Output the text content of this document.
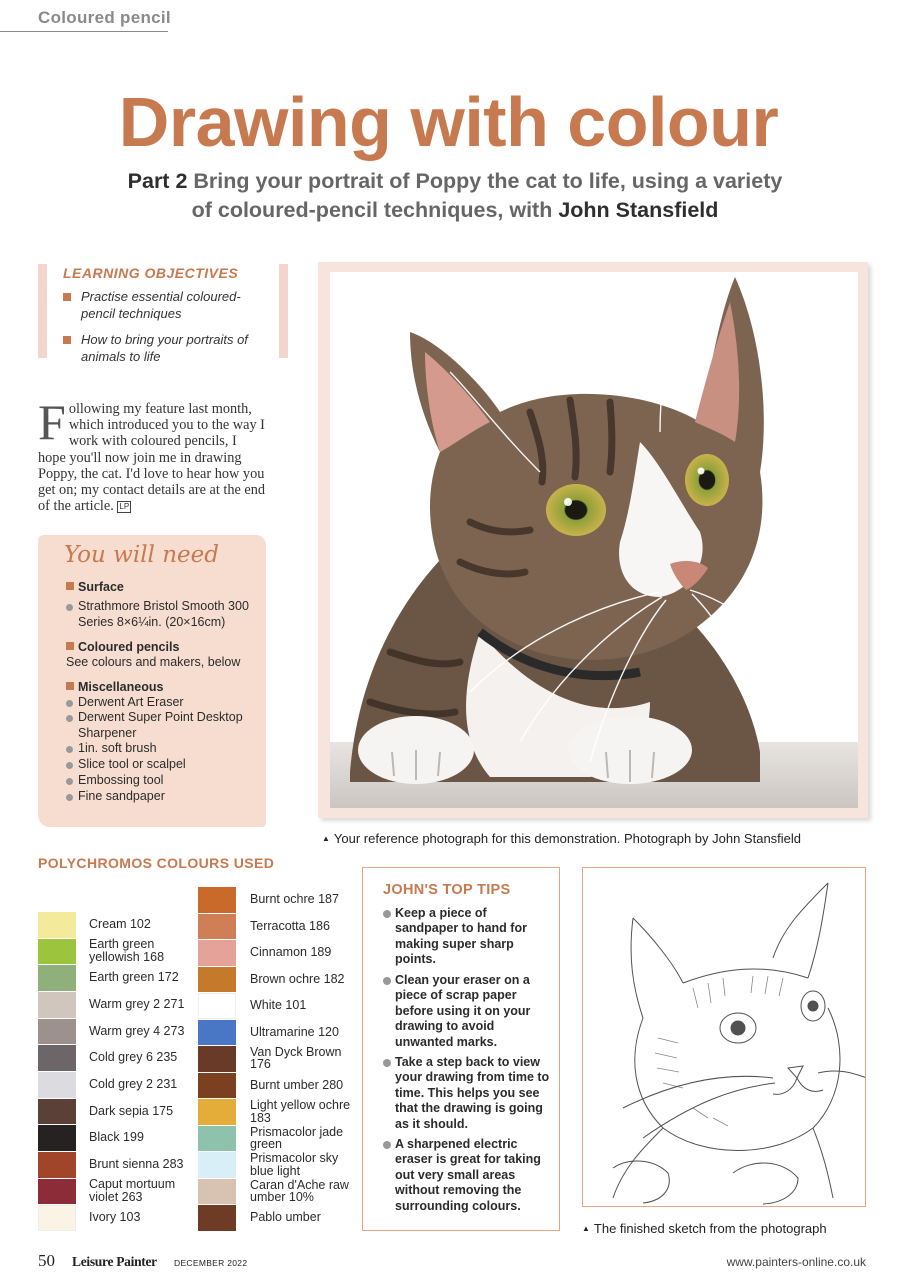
Coloured pencil
Drawing with colour
Part 2 Bring your portrait of Poppy the cat to life, using a variety of coloured-pencil techniques, with John Stansfield
LEARNING OBJECTIVES
Practise essential coloured-pencil techniques
How to bring your portraits of animals to life
F ollowing my feature last month, which introduced you to the way I work with coloured pencils, I hope you'll now join me in drawing Poppy, the cat. I'd love to hear how you get on; my contact details are at the end of the article. LP
You will need
Surface
Strathmore Bristol Smooth 300 Series 8×6¼in. (20×16cm)
Coloured pencils
See colours and makers, below
Miscellaneous
Derwent Art Eraser
Derwent Super Point Desktop Sharpener
1in. soft brush
Slice tool or scalpel
Embossing tool
Fine sandpaper
▲ Your reference photograph for this demonstration. Photograph by John Stansfield
POLYCHROMOS COLOURS USED
Cream 102
Earth green yellowish 168
Earth green 172
Warm grey 2 271
Warm grey 4 273
Cold grey 6 235
Cold grey 2 231
Dark sepia 175
Black 199
Brunt sienna 283
Caput mortuum violet 263
Ivory 103
Burnt ochre 187
Terracotta 186
Cinnamon 189
Brown ochre 182
White 101
Ultramarine 120
Van Dyck Brown 176
Burnt umber 280
Light yellow ochre 183
Prismacolor jade green
Prismacolor sky blue light
Caran d'Ache raw umber 10%
Pablo umber
JOHN'S TOP TIPS
Keep a piece of sandpaper to hand for making super sharp points.
Clean your eraser on a piece of scrap paper before using it on your drawing to avoid unwanted marks.
Take a step back to view your drawing from time to time. This helps you see that the drawing is going as it should.
A sharpened electric eraser is great for taking out very small areas without removing the surrounding colours.
▲ The finished sketch from the photograph
50 Leisure Painter DECEMBER 2022	www.painters-online.co.uk
